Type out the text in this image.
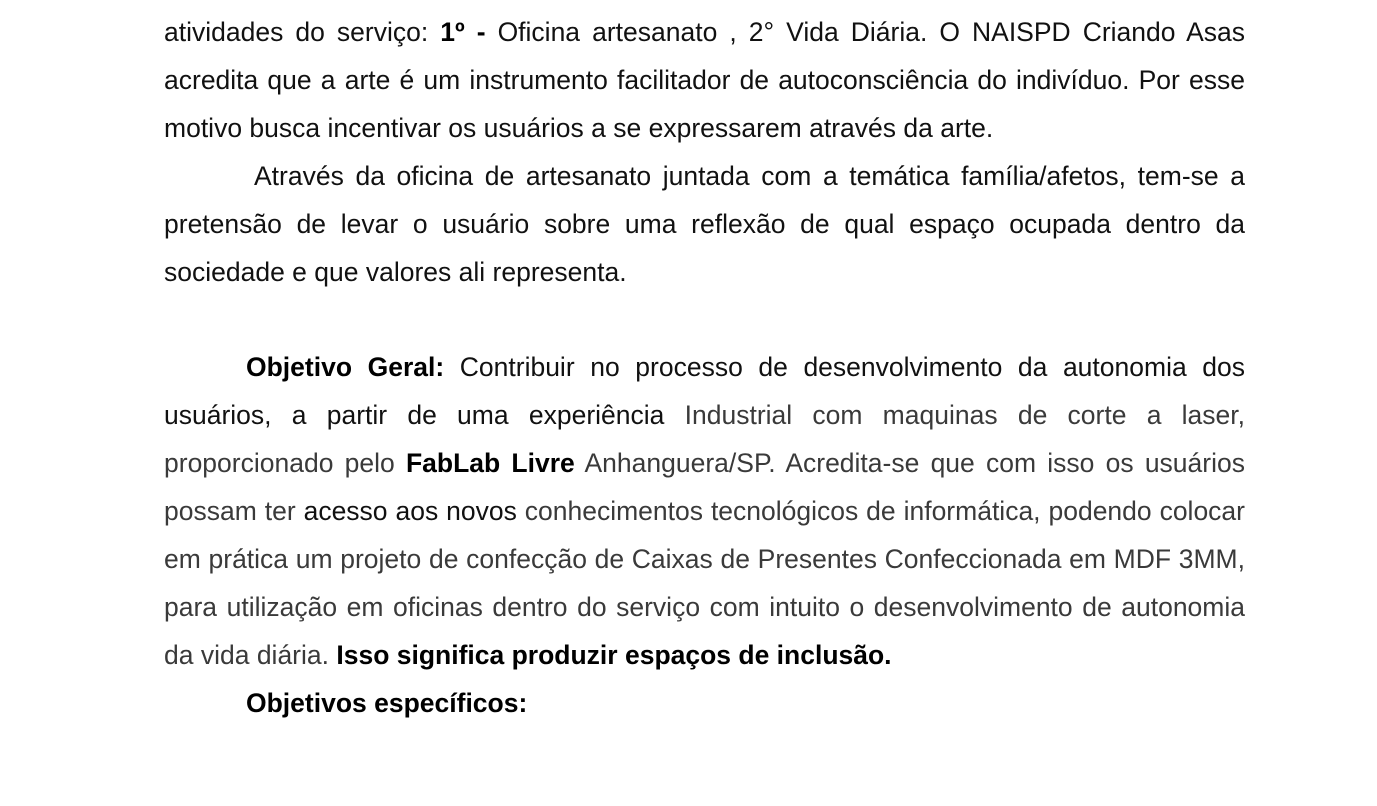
atividades do serviço: 1º - Oficina artesanato , 2° Vida Diária. O NAISPD Criando Asas acredita que a arte é um instrumento facilitador de autoconsciência do indivíduo. Por esse motivo busca incentivar os usuários a se expressarem através da arte.

Através da oficina de artesanato juntada com a temática família/afetos, tem-se a pretensão de levar o usuário sobre uma reflexão de qual espaço ocupada dentro da sociedade e que valores ali representa.

Objetivo Geral: Contribuir no processo de desenvolvimento da autonomia dos usuários, a partir de uma experiência Industrial com maquinas de corte a laser, proporcionado pelo FabLab Livre Anhanguera/SP. Acredita-se que com isso os usuários possam ter acesso aos novos conhecimentos tecnológicos de informática, podendo colocar em prática um projeto de confecção de Caixas de Presentes Confeccionada em MDF 3MM, para utilização em oficinas dentro do serviço com intuito o desenvolvimento de autonomia da vida diária. Isso significa produzir espaços de inclusão.

Objetivos específicos:
